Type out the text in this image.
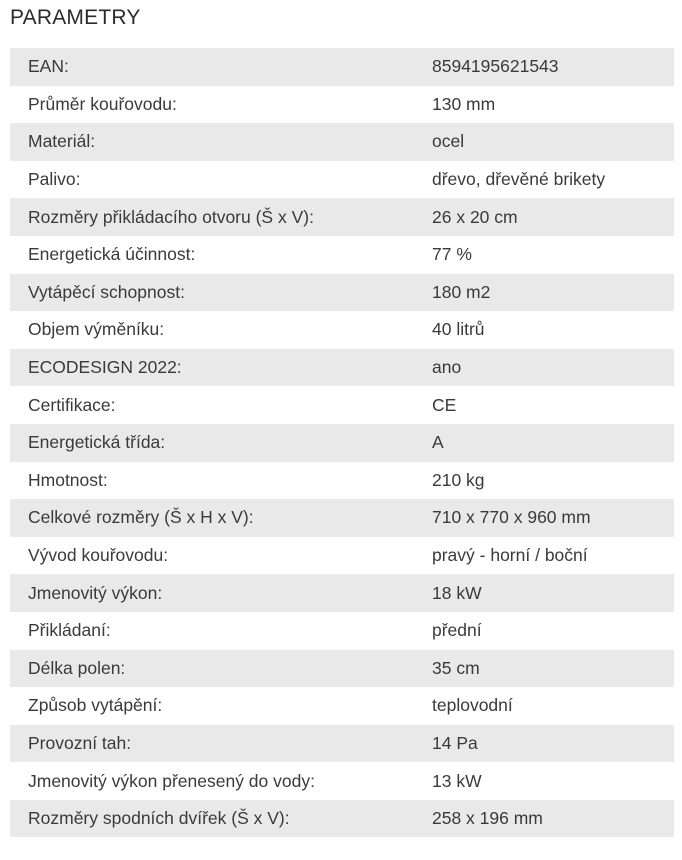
PARAMETRY
EAN:	8594195621543
Průměr kouřovodu:	130 mm
Materiál:	ocel
Palivo:	dřevo, dřevěné brikety
Rozměry přikládacího otvoru (Š x V):	26 x 20 cm
Energetická účinnost:	77 %
Vytápěcí schopnost:	180 m2
Objem výměníku:	40 litrů
ECODESIGN 2022:	ano
Certifikace:	CE
Energetická třída:	A
Hmotnost:	210 kg
Celkové rozměry (Š x H x V):	710 x 770 x 960 mm
Vývod kouřovodu:	pravý - horní / boční
Jmenovitý výkon:	18 kW
Přikládaní:	přední
Délka polen:	35 cm
Způsob vytápění:	teplovodní
Provozní tah:	14 Pa
Jmenovitý výkon přenesený do vody:	13 kW
Rozměry spodních dvířek (Š x V):	258 x 196 mm
